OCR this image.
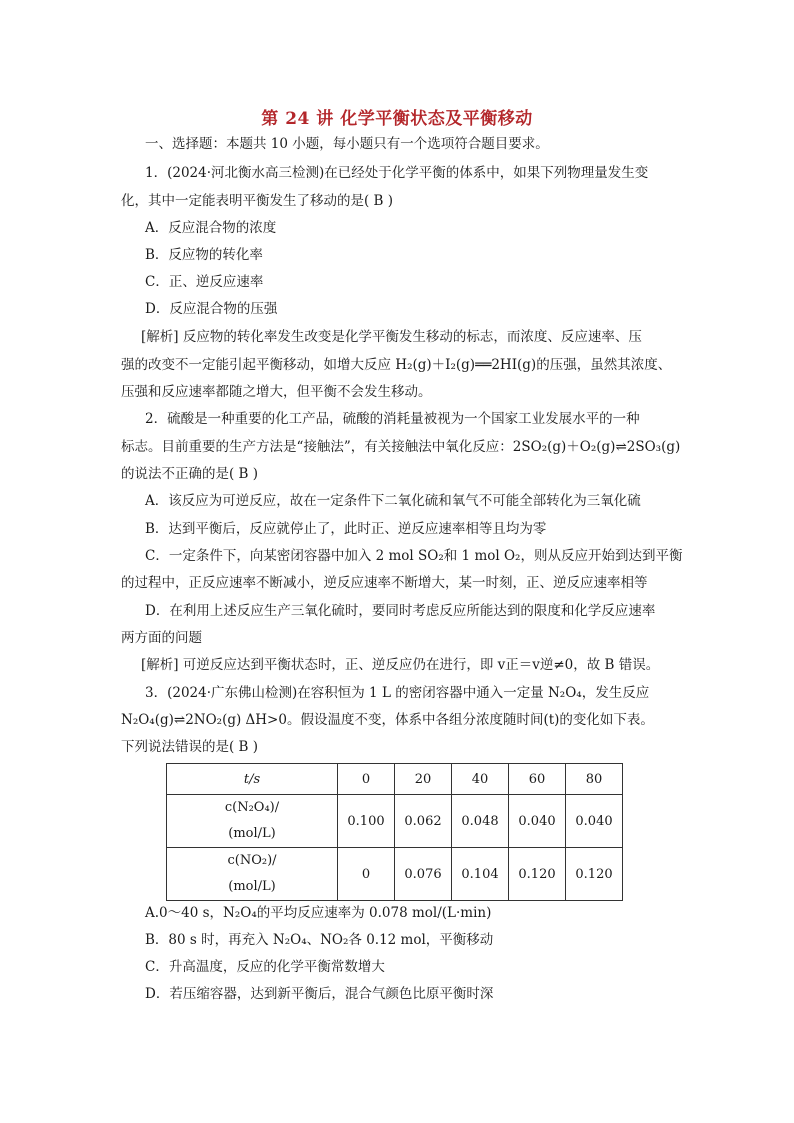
第 24 讲 化学平衡状态及平衡移动
一、选择题：本题共 10 小题，每小题只有一个选项符合题目要求。
1．(2024·河北衡水高三检测)在已经处于化学平衡的体系中，如果下列物理量发生变
化，其中一定能表明平衡发生了移动的是( B )
A．反应混合物的浓度
B．反应物的转化率
C．正、逆反应速率
D．反应混合物的压强
[解析] 反应物的转化率发生改变是化学平衡发生移动的标志，而浓度、反应速率、压
强的改变不一定能引起平衡移动，如增大反应 H₂(g)＋I₂(g)══2HI(g)的压强，虽然其浓度、
压强和反应速率都随之增大，但平衡不会发生移动。
2．硫酸是一种重要的化工产品，硫酸的消耗量被视为一个国家工业发展水平的一种
标志。目前重要的生产方法是“接触法”，有关接触法中氧化反应：2SO₂(g)＋O₂(g)⇌2SO₃(g)
的说法不正确的是( B )
A．该反应为可逆反应，故在一定条件下二氧化硫和氧气不可能全部转化为三氧化硫
B．达到平衡后，反应就停止了，此时正、逆反应速率相等且均为零
C．一定条件下，向某密闭容器中加入 2 mol SO₂和 1 mol O₂，则从反应开始到达到平衡
的过程中，正反应速率不断减小，逆反应速率不断增大，某一时刻，正、逆反应速率相等
D．在利用上述反应生产三氧化硫时，要同时考虑反应所能达到的限度和化学反应速率
两方面的问题
[解析] 可逆反应达到平衡状态时，正、逆反应仍在进行，即 v正＝v逆≠0，故 B 错误。
3．(2024·广东佛山检测)在容积恒为 1 L 的密闭容器中通入一定量 N₂O₄，发生反应
N₂O₄(g)⇌2NO₂(g) ΔH>0。假设温度不变，体系中各组分浓度随时间(t)的变化如下表。
下列说法错误的是( B )
t/s	0	20	40	60	80

c(N₂O₄)/
(mol/L)	0.100	0.062	0.048	0.040	0.040

c(NO₂)/
(mol/L)	0	0.076	0.104	0.120	0.120
A.0～40 s，N₂O₄的平均反应速率为 0.078 mol/(L·min)
B．80 s 时，再充入 N₂O₄、NO₂各 0.12 mol，平衡移动
C．升高温度，反应的化学平衡常数增大
D．若压缩容器，达到新平衡后，混合气颜色比原平衡时深
